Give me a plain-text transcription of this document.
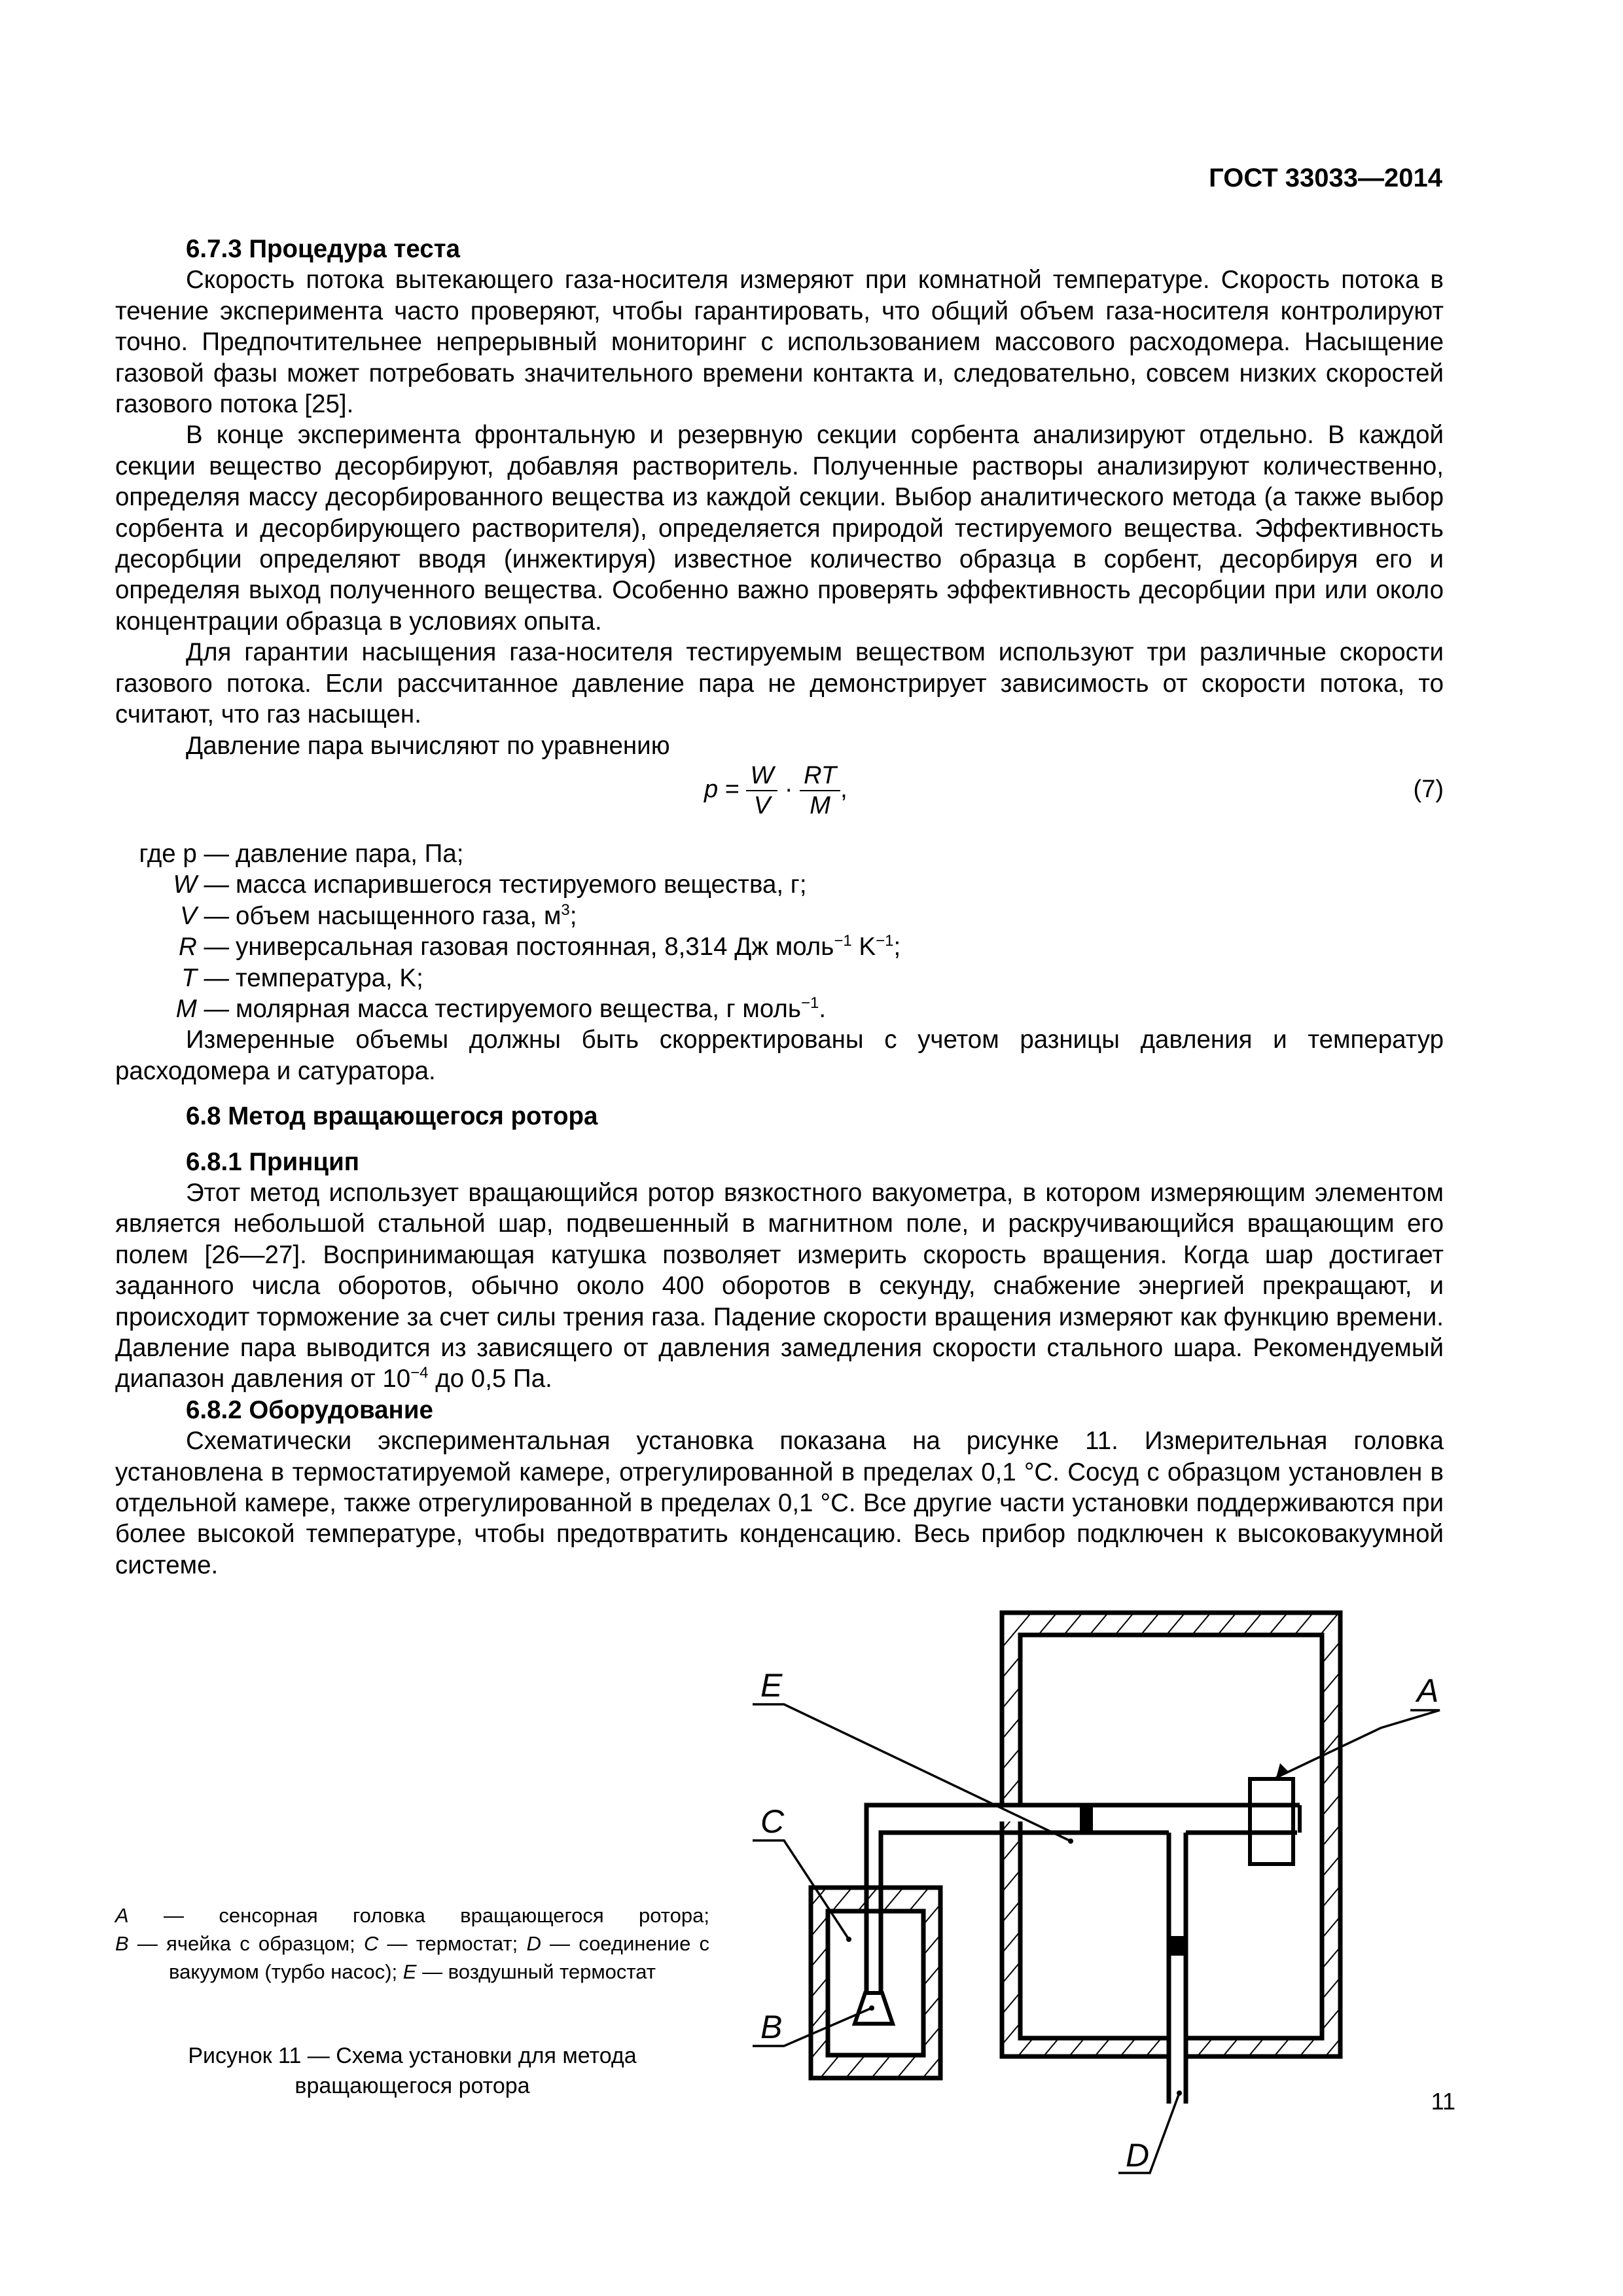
ГОСТ 33033—2014

6.7.3 Процедура теста

Скорость потока вытекающего газа-носителя измеряют при комнатной температуре. Скорость потока в течение эксперимента часто проверяют, чтобы гарантировать, что общий объем газа-носителя контролируют точно. Предпочтительнее непрерывный мониторинг с использованием массового расходомера. Насыщение газовой фазы может потребовать значительного времени контакта и, следовательно, совсем низких скоростей газового потока [25].

В конце эксперимента фронтальную и резервную секции сорбента анализируют отдельно. В каждой секции вещество десорбируют, добавляя растворитель. Полученные растворы анализируют количественно, определяя массу десорбированного вещества из каждой секции. Выбор аналитического метода (а также выбор сорбента и десорбирующего растворителя), определяется природой тестируемого вещества. Эффективность десорбции определяют вводя (инжектируя) известное количество образца в сорбент, десорбируя его и определяя выход полученного вещества. Особенно важно проверять эффективность десорбции при или около концентрации образца в условиях опыта.

Для гарантии насыщения газа-носителя тестируемым веществом используют три различные скорости газового потока. Если рассчитанное давление пара не демонстрирует зависимость от скорости потока, то считают, что газ насыщен.

Давление пара вычисляют по уравнению

$p = \frac{W}{V} \cdot \frac{RT}{M}$ ,	(7)
где p — давление пара, Па;
W — масса испарившегося тестируемого вещества, г;
V — объем насыщенного газа, $м^3$;
R — универсальная газовая постоянная, 8,314 Дж моль$^{-1}$ $K^{-1}$;
T — температура, K;
M — молярная масса тестируемого вещества, г моль$^{-1}$.

Измеренные объемы должны быть скорректированы с учетом разницы давления и температур расходомера и сатуратора.

6.8 Метод вращающегося ротора

6.8.1 Принцип

Этот метод использует вращающийся ротор вязкостного вакуометра, в котором измеряющим элементом является небольшой стальной шар, подвешенный в магнитном поле, и раскручивающийся вращающим его полем [26—27]. Воспринимающая катушка позволяет измерить скорость вращения. Когда шар достигает заданного числа оборотов, обычно около 400 оборотов в секунду, снабжение энергией прекращают, и происходит торможение за счет силы трения газа. Падение скорости вращения измеряют как функцию времени. Давление пара выводится из зависящего от давления замедления скорости стального шара. Рекомендуемый диапазон давления от $10^{-4}$ до 0,5 Па.

6.8.2 Оборудование

Схематически экспериментальная установка показана на рисунке 11. Измерительная головка установлена в термостатируемой камере, отрегулированной в пределах 0,1 °С. Сосуд с образцом установлен в отдельной камере, также отрегулированной в пределах 0,1 °С. Все другие части установки поддерживаются при более высокой температуре, чтобы предотвратить конденсацию. Весь прибор подключен к высоковакуумной системе.

E	A
C
B
D

A — сенсорная головка вращающегося ротора;

B — ячейка с образцом; C — термостат; D — соединение с вакуумом (турбо насос); E — воздушный термостат

Рисунок 11 — Схема установки для метода вращающегося ротора
11
